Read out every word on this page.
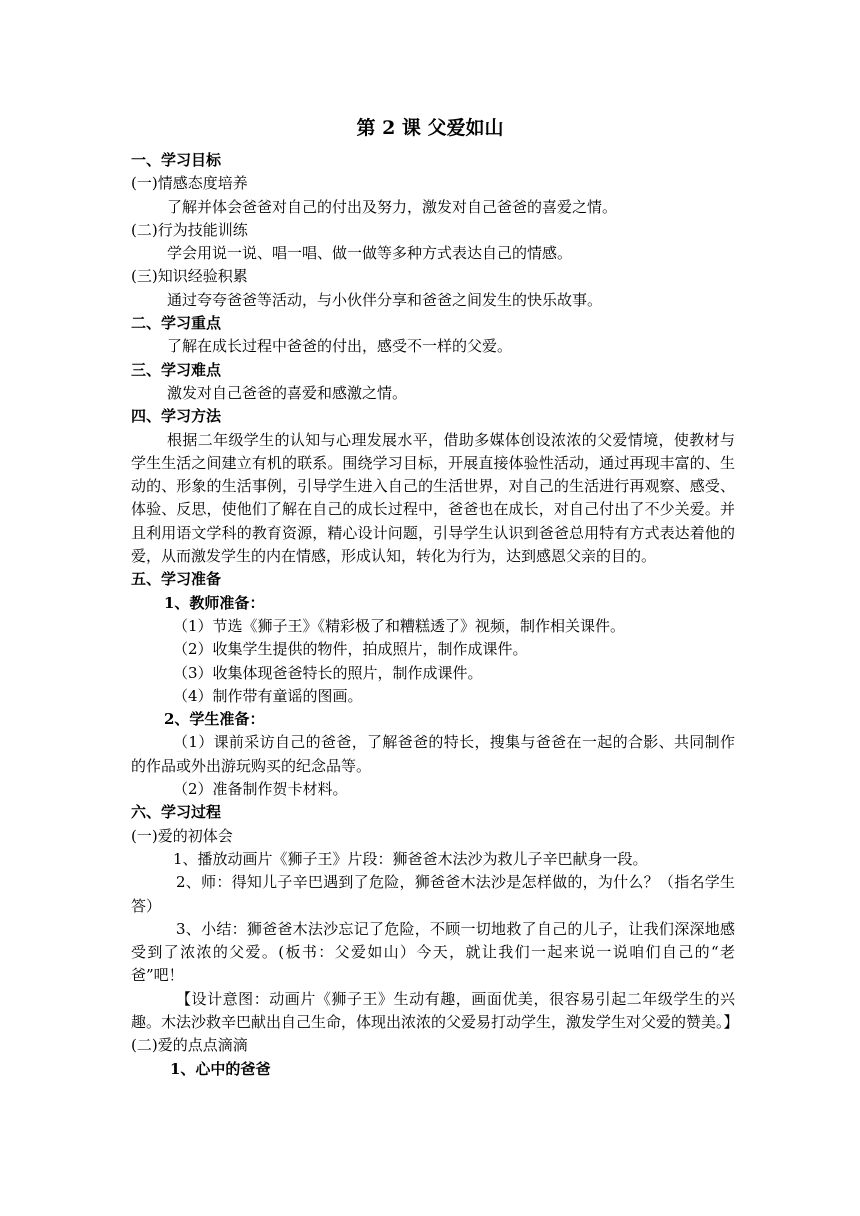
第 2 课 父爱如山
一、学习目标
(一)情感态度培养
了解并体会爸爸对自己的付出及努力，激发对自己爸爸的喜爱之情。
(二)行为技能训练
学会用说一说、唱一唱、做一做等多种方式表达自己的情感。
(三)知识经验积累
通过夸夸爸爸等活动，与小伙伴分享和爸爸之间发生的快乐故事。
二、学习重点
了解在成长过程中爸爸的付出，感受不一样的父爱。
三、学习难点
激发对自己爸爸的喜爱和感激之情。
四、学习方法
根据二年级学生的认知与心理发展水平，借助多媒体创设浓浓的父爱情境，使教材与学生生活之间建立有机的联系。围绕学习目标，开展直接体验性活动，通过再现丰富的、生动的、形象的生活事例，引导学生进入自己的生活世界，对自己的生活进行再观察、感受、体验、反思，使他们了解在自己的成长过程中，爸爸也在成长，对自己付出了不少关爱。并且利用语文学科的教育资源，精心设计问题，引导学生认识到爸爸总用特有方式表达着他的爱，从而激发学生的内在情感，形成认知，转化为行为，达到感恩父亲的目的。
五、学习准备
1、教师准备：
（1）节选《狮子王》《精彩极了和糟糕透了》视频，制作相关课件。
（2）收集学生提供的物件，拍成照片，制作成课件。
（3）收集体现爸爸特长的照片，制作成课件。
（4）制作带有童谣的图画。
2、学生准备：
（1）课前采访自己的爸爸，了解爸爸的特长，搜集与爸爸在一起的合影、共同制作的作品或外出游玩购买的纪念品等。
（2）准备制作贺卡材料。
六、学习过程
(一)爱的初体会
1、播放动画片《狮子王》片段：狮爸爸木法沙为救儿子辛巴献身一段。
2、师：得知儿子辛巴遇到了危险，狮爸爸木法沙是怎样做的，为什么？（指名学生答）
3、小结：狮爸爸木法沙忘记了危险，不顾一切地救了自己的儿子，让我们深深地感受到了浓浓的父爱。(板书：父爱如山）今天，就让我们一起来说一说咱们自己的“老爸”吧！
【设计意图：动画片《狮子王》生动有趣，画面优美，很容易引起二年级学生的兴趣。木法沙救辛巴献出自己生命，体现出浓浓的父爱易打动学生，激发学生对父爱的赞美。】
(二)爱的点点滴滴
1、心中的爸爸
